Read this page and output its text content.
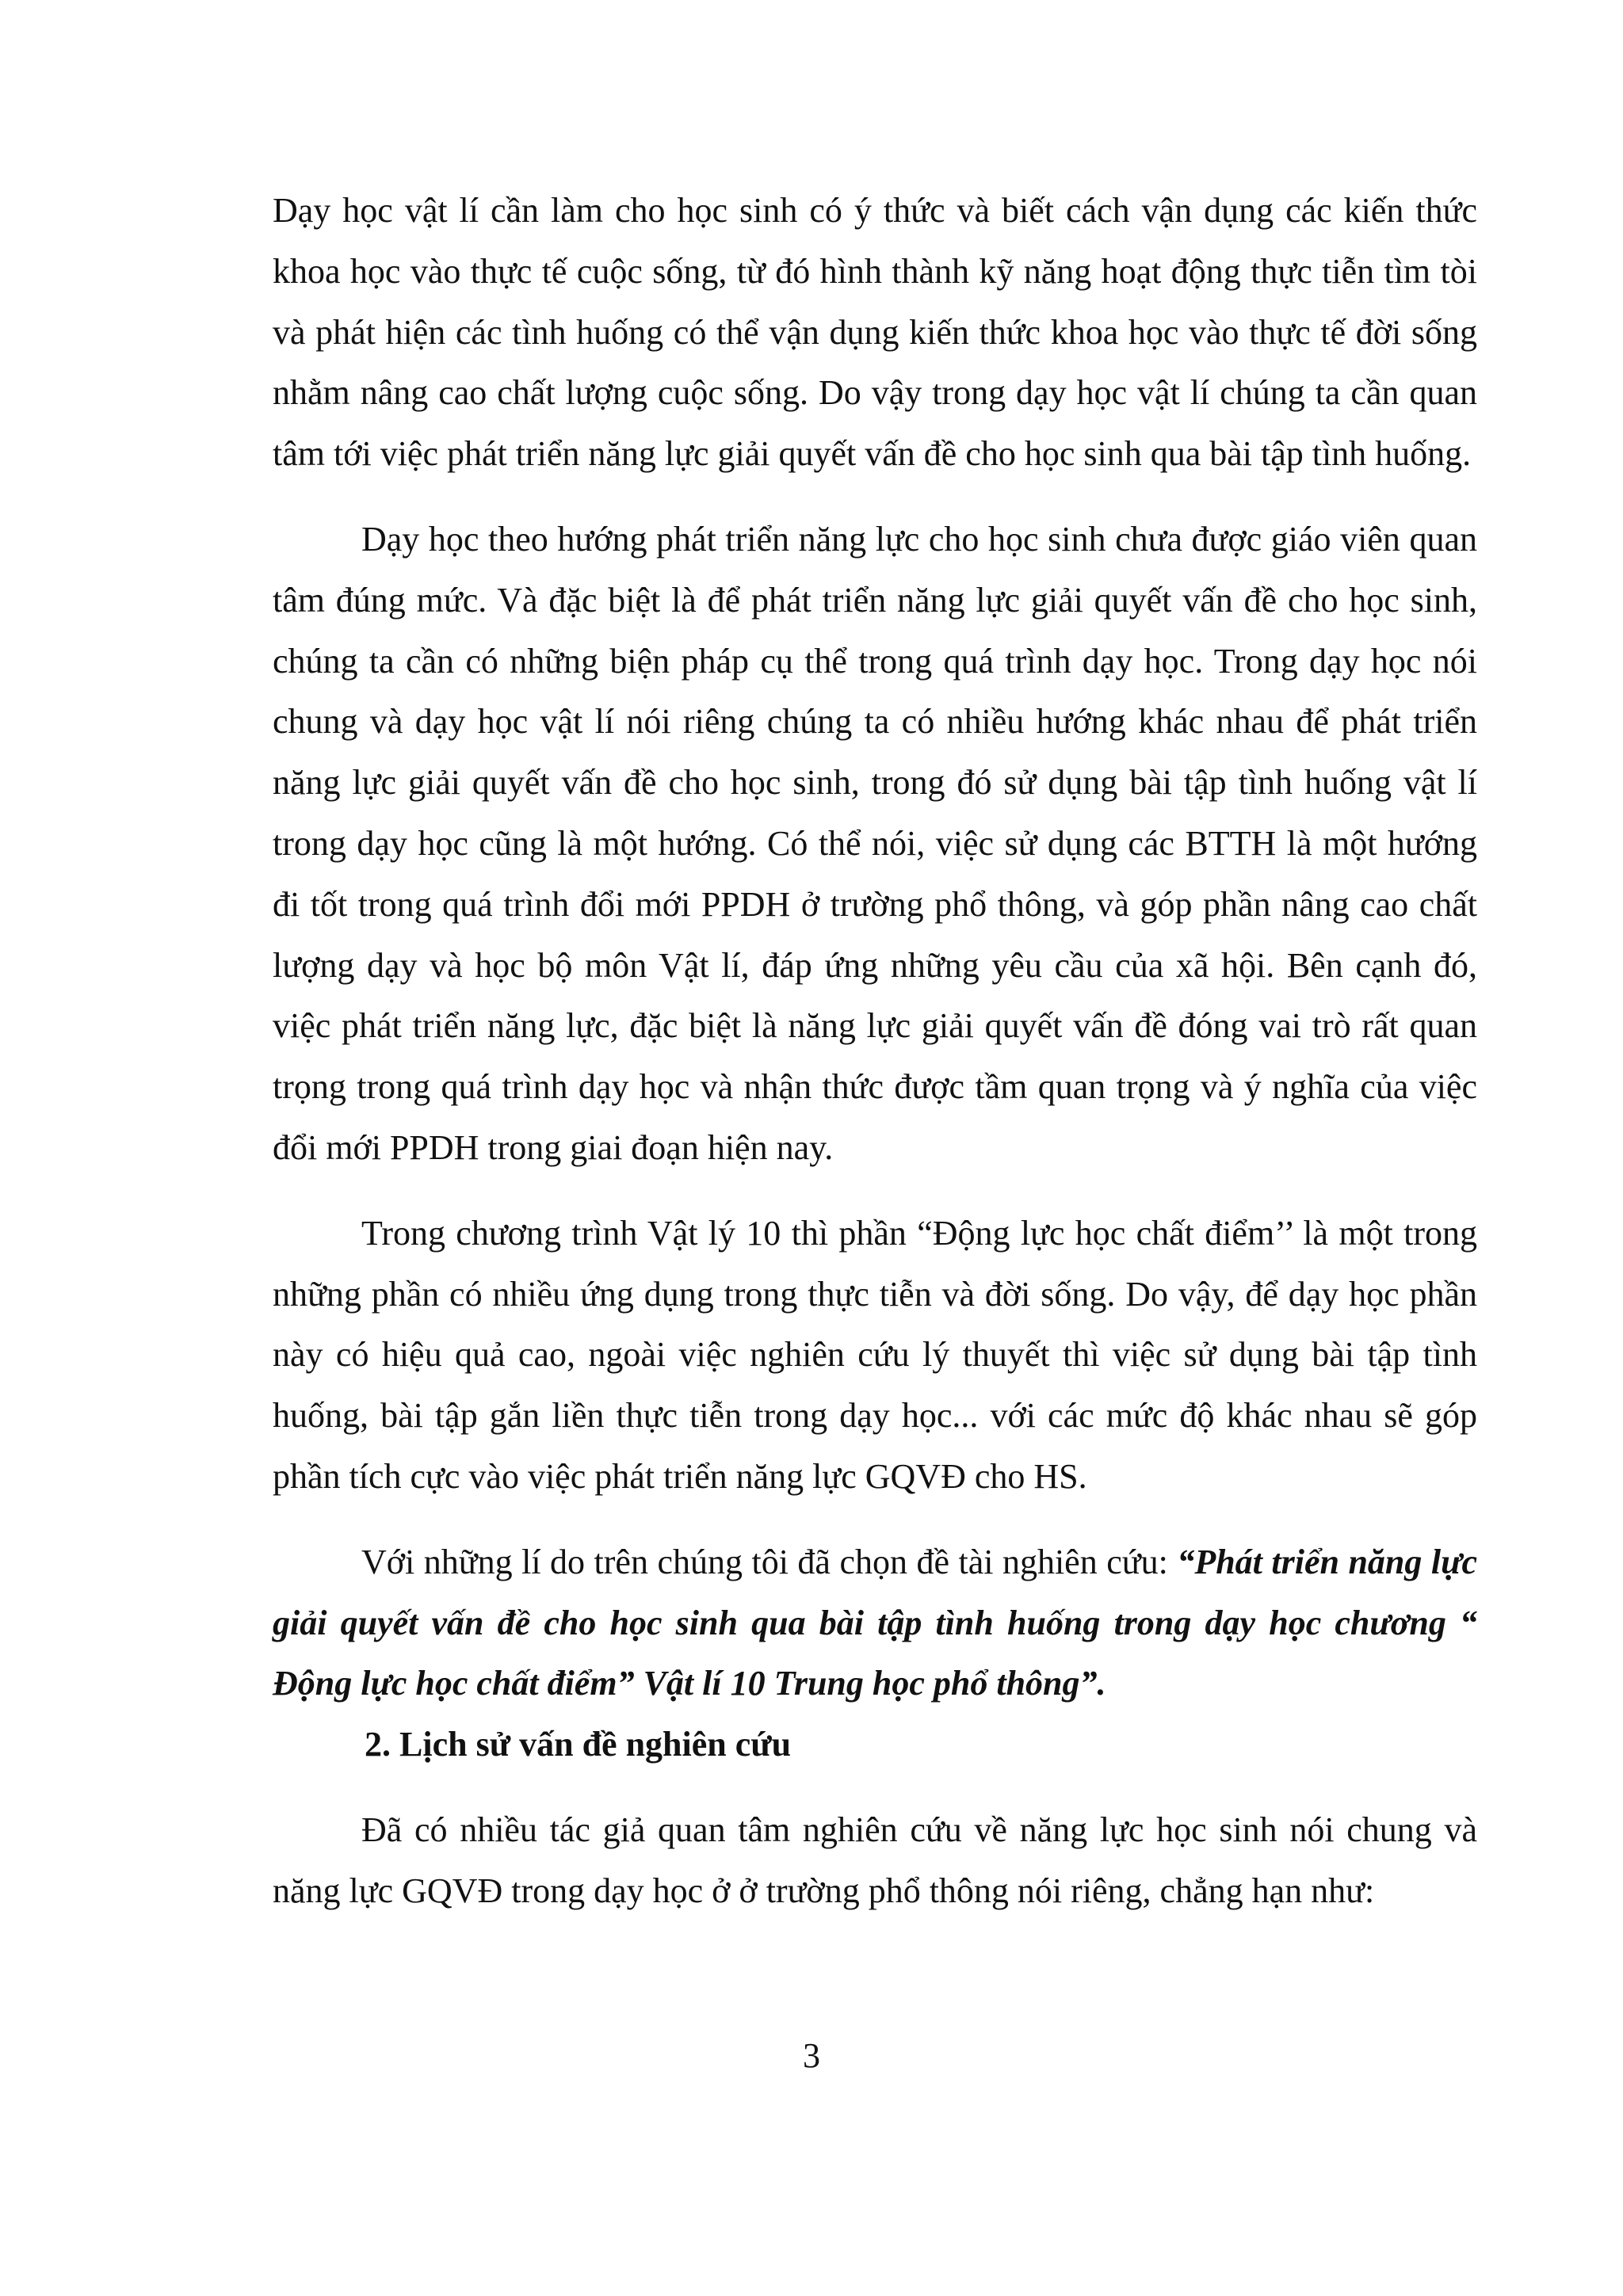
Dạy học vật lí cần làm cho học sinh có ý thức và biết cách vận dụng các kiến thức khoa học vào thực tế cuộc sống, từ đó hình thành kỹ năng hoạt động thực tiễn tìm tòi và phát hiện các tình huống có thể vận dụng kiến thức khoa học vào thực tế đời sống nhằm nâng cao chất lượng cuộc sống. Do vậy trong dạy học vật lí chúng ta cần quan tâm tới việc phát triển năng lực giải quyết vấn đề cho học sinh qua bài tập tình huống.

Dạy học theo hướng phát triển năng lực cho học sinh chưa được giáo viên quan tâm đúng mức. Và đặc biệt là để phát triển năng lực giải quyết vấn đề cho học sinh, chúng ta cần có những biện pháp cụ thể trong quá trình dạy học. Trong dạy học nói chung và dạy học vật lí nói riêng chúng ta có nhiều hướng khác nhau để phát triển năng lực giải quyết vấn đề cho học sinh, trong đó sử dụng bài tập tình huống vật lí trong dạy học cũng là một hướng. Có thể nói, việc sử dụng các BTTH là một hướng đi tốt trong quá trình đổi mới PPDH ở trường phổ thông, và góp phần nâng cao chất lượng dạy và học bộ môn Vật lí, đáp ứng những yêu cầu của xã hội. Bên cạnh đó, việc phát triển năng lực, đặc biệt là năng lực giải quyết vấn đề đóng vai trò rất quan trọng trong quá trình dạy học và nhận thức được tầm quan trọng và ý nghĩa của việc đổi mới PPDH trong giai đoạn hiện nay.

Trong chương trình Vật lý 10 thì phần “Động lực học chất điểm’’ là một trong những phần có nhiều ứng dụng trong thực tiễn và đời sống. Do vậy, để dạy học phần này có hiệu quả cao, ngoài việc nghiên cứu lý thuyết thì việc sử dụng bài tập tình huống, bài tập gắn liền thực tiễn trong dạy học... với các mức độ khác nhau sẽ góp phần tích cực vào việc phát triển năng lực GQVĐ cho HS.

Với những lí do trên chúng tôi đã chọn đề tài nghiên cứu: “Phát triển năng lực giải quyết vấn đề cho học sinh qua bài tập tình huống trong dạy học chương “ Động lực học chất điểm” Vật lí 10 Trung học phổ thông”.

2. Lịch sử vấn đề nghiên cứu

Đã có nhiều tác giả quan tâm nghiên cứu về năng lực học sinh nói chung và năng lực GQVĐ trong dạy học ở ở trường phổ thông nói riêng, chẳng hạn như:

3
